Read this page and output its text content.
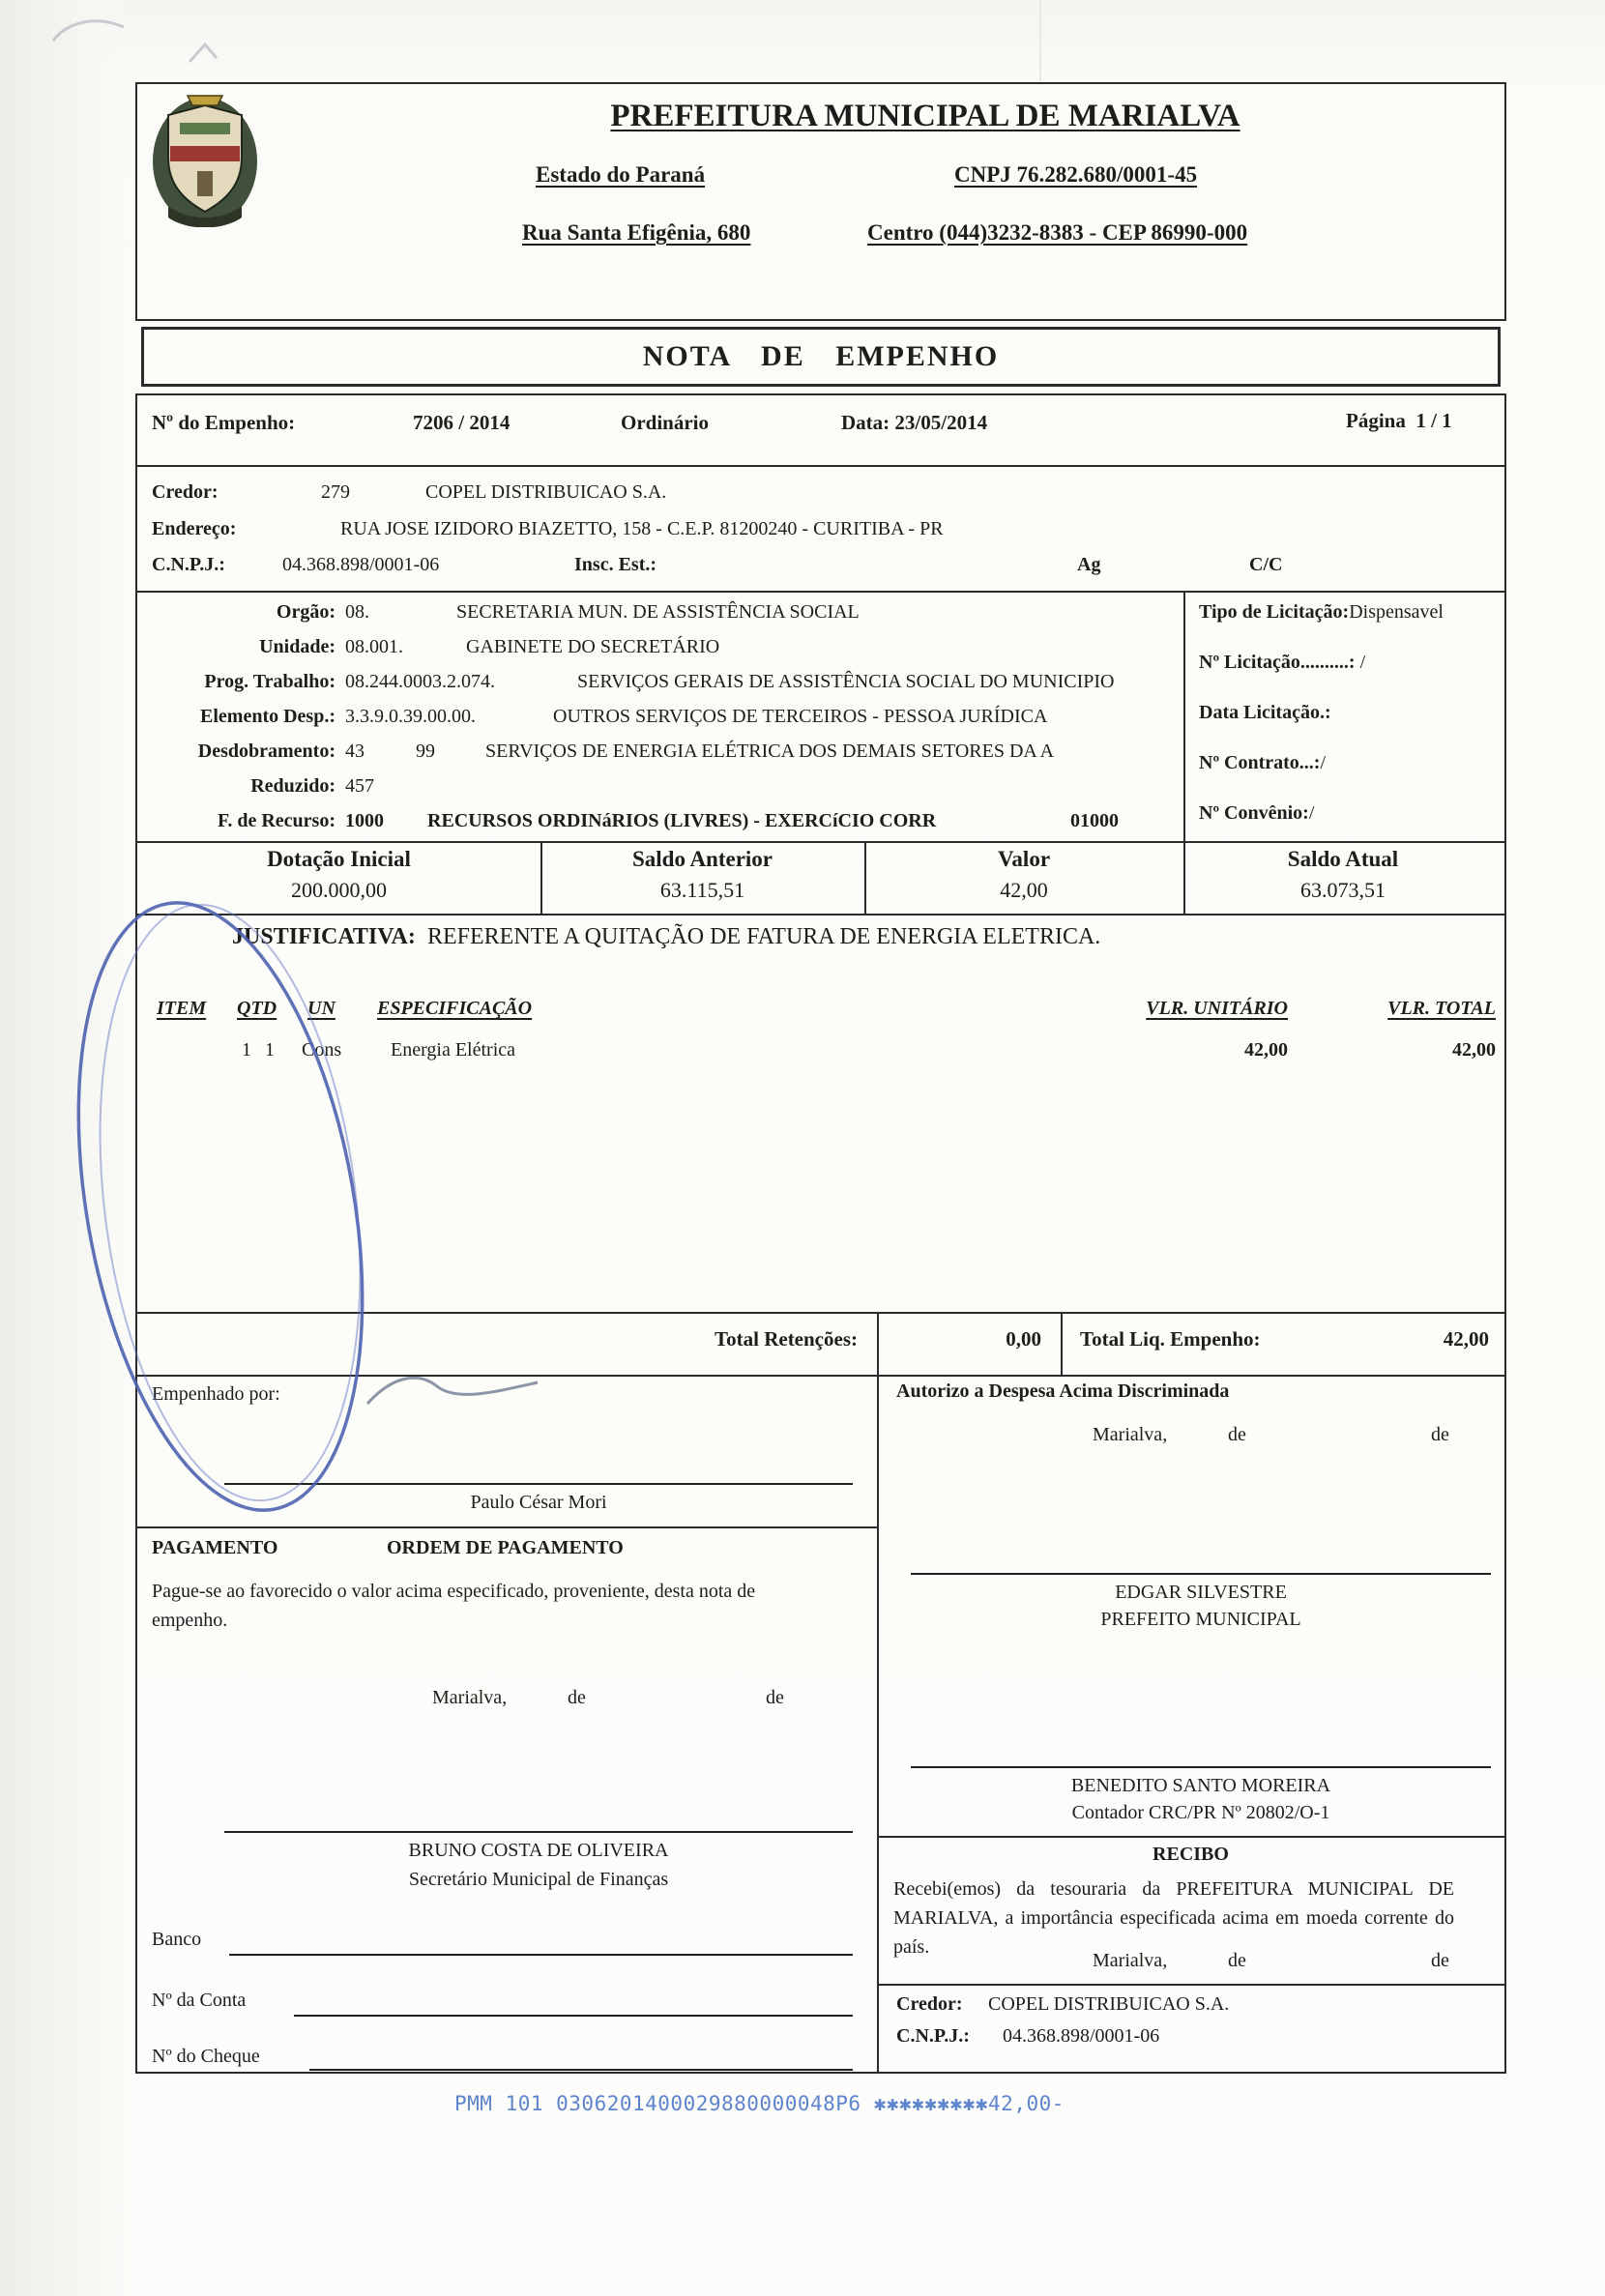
PREFEITURA MUNICIPAL DE MARIALVA
Estado do Paraná	CNPJ 76.282.680/0001-45
Rua Santa Efigênia, 680	Centro (044)3232-8383 - CEP 86990-000
NOTA DE EMPENHO
Nº do Empenho:	7206 / 2014	Ordinário	Data: 23/05/2014	Página 1 / 1
Credor:	279	COPEL DISTRIBUICAO S.A.
Endereço:	RUA JOSE IZIDORO BIAZETTO, 158 - C.E.P. 81200240 - CURITIBA - PR
C.N.P.J.:	04.368.898/0001-06	Insc. Est.:	Ag	C/C
Orgão: 08.	SECRETARIA MUN. DE ASSISTÊNCIA SOCIAL
Unidade: 08.001.	GABINETE DO SECRETÁRIO
Prog. Trabalho: 08.244.0003.2.074.	SERVIÇOS GERAIS DE ASSISTÊNCIA SOCIAL DO MUNICIPIO
Elemento Desp.: 3.3.9.0.39.00.00.	OUTROS SERVIÇOS DE TERCEIROS - PESSOA JURÍDICA
Desdobramento: 43	99	SERVIÇOS DE ENERGIA ELÉTRICA DOS DEMAIS SETORES DA A
Reduzido: 457
F. de Recurso: 1000 RECURSOS ORDINáRIOS (LIVRES) - EXERCíCIO CORR	01000
Tipo de Licitação:Dispensavel
Nº Licitação..........: /
Data Licitação.:
Nº Contrato...:/
Nº Convênio:/
Dotação Inicial	Saldo Anterior	Valor	Saldo Atual
200.000,00	63.115,51	42,00	63.073,51
JUSTIFICATIVA: REFERENTE A QUITAÇÃO DE FATURA DE ENERGIA ELETRICA.
ITEM QTD UN ESPECIFICAÇÃO	VLR. UNITÁRIO	VLR. TOTAL
1 1 Cons	Energia Elétrica	42,00	42,00
Total Retenções:	0,00 Total Liq. Empenho:	42,00
Empenhado por:
Paulo César Mori
PAGAMENTO	ORDEM DE PAGAMENTO
Pague-se ao favorecido o valor acima especificado, proveniente, desta nota de empenho.
Marialva,	de	de
BRUNO COSTA DE OLIVEIRA
Secretário Municipal de Finanças
Banco
Nº da Conta
Nº do Cheque
Autorizo a Despesa Acima Discriminada
Marialva,	de	de
EDGAR SILVESTRE
PREFEITO MUNICIPAL
BENEDITO SANTO MOREIRA
Contador CRC/PR Nº 20802/O-1
RECIBO
Recebi(emos) da tesouraria da PREFEITURA MUNICIPAL DE MARIALVA, a importância especificada acima em moeda corrente do país.
Marialva,	de	de
Credor: COPEL DISTRIBUICAO S.A.
C.N.P.J.: 04.368.898/0001-06
PMM 101 0306201400029880000048P6 ✱✱✱✱✱✱✱✱✱42,00-
